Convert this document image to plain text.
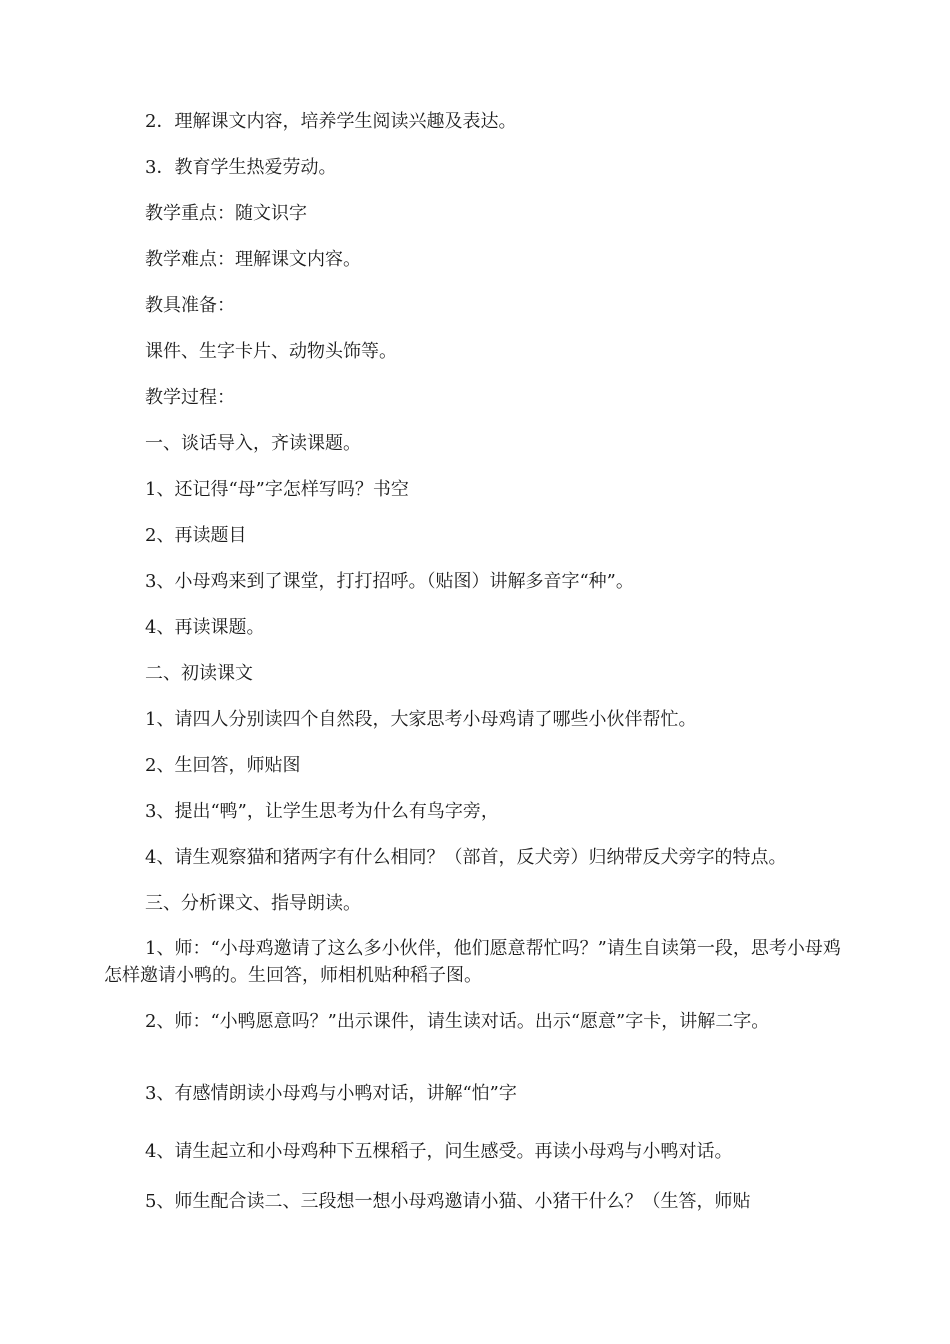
2．理解课文内容，培养学生阅读兴趣及表达。
3．教育学生热爱劳动。
教学重点：随文识字
教学难点：理解课文内容。
教具准备：
课件、生字卡片、动物头饰等。
教学过程：
一、谈话导入，齐读课题。
1、还记得“母”字怎样写吗？书空
2、再读题目
3、小母鸡来到了课堂，打打招呼。（贴图）讲解多音字“种”。
4、再读课题。
二、初读课文
1、请四人分别读四个自然段，大家思考小母鸡请了哪些小伙伴帮忙。
2、生回答，师贴图
3、提出“鸭”，让学生思考为什么有鸟字旁，
4、请生观察猫和猪两字有什么相同？（部首，反犬旁）归纳带反犬旁字的特点。
三、分析课文、指导朗读。
1、师：“小母鸡邀请了这么多小伙伴，他们愿意帮忙吗？”请生自读第一段，思考小母鸡怎样邀请小鸭的。生回答，师相机贴种稻子图。
2、师：“小鸭愿意吗？”出示课件，请生读对话。出示“愿意”字卡，讲解二字。
3、有感情朗读小母鸡与小鸭对话，讲解“怕”字
4、请生起立和小母鸡种下五棵稻子，问生感受。再读小母鸡与小鸭对话。
5、师生配合读二、三段想一想小母鸡邀请小猫、小猪干什么？（生答，师贴
